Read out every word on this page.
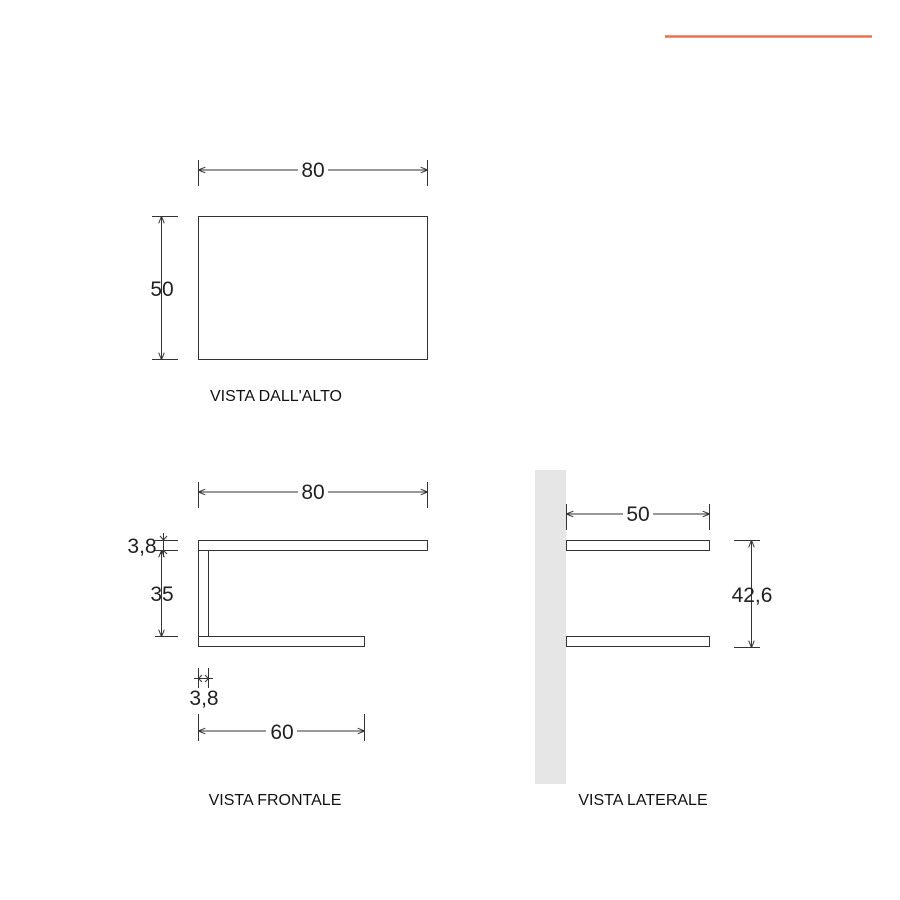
80
50
VISTA DALL'ALTO
80
3,8
35
3,8
60
VISTA FRONTALE
50
42,6
VISTA LATERALE
